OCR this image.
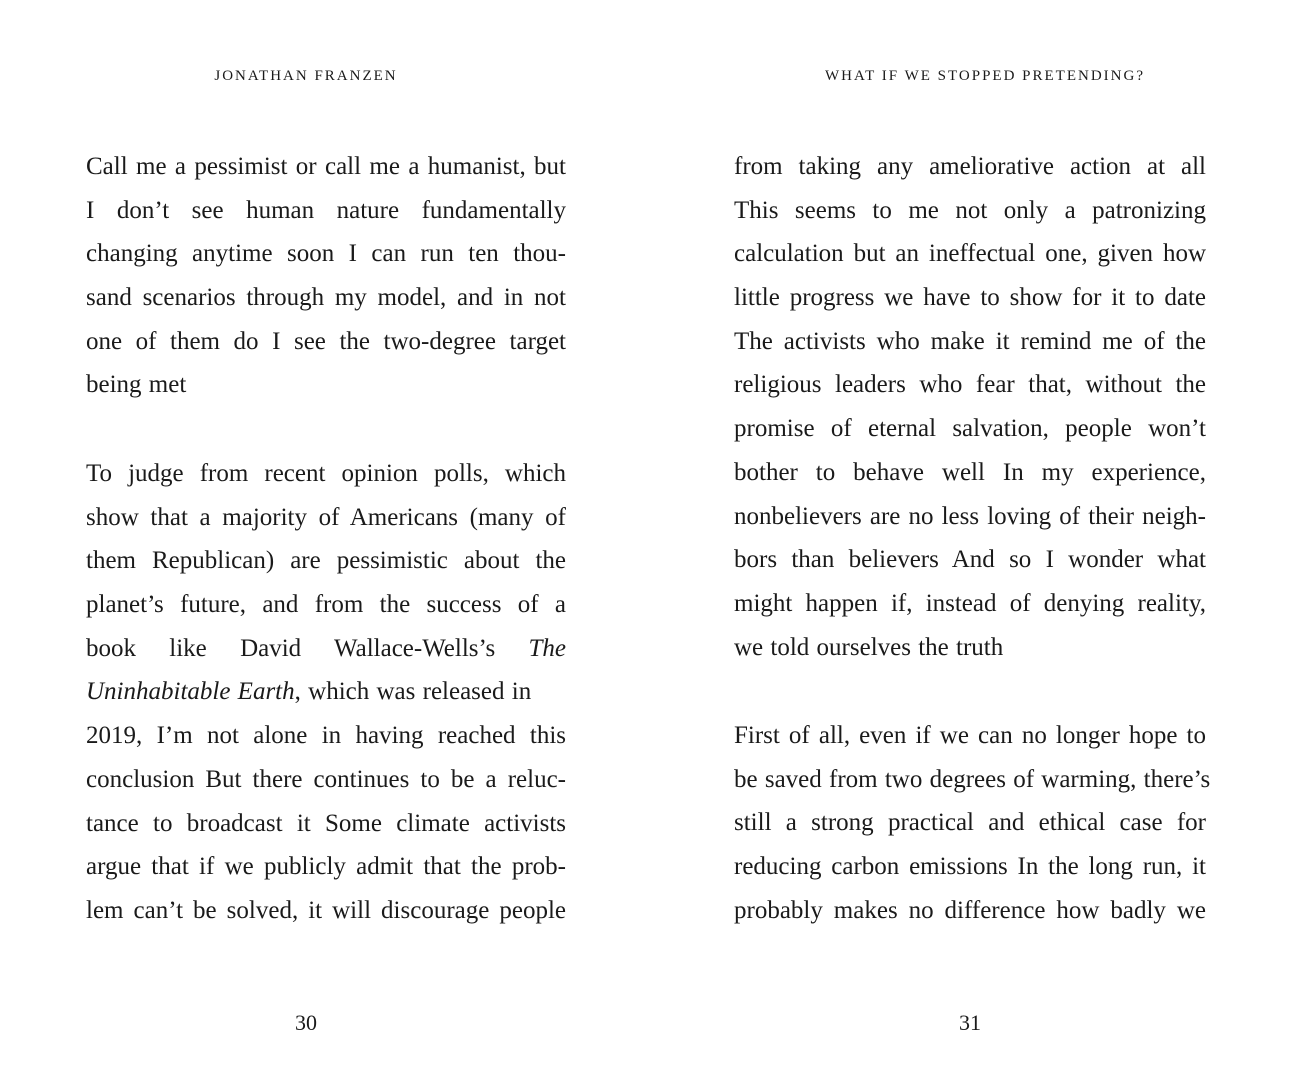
JONATHAN FRANZEN
Call me a pessimist or call me a humanist, but
I don’t see human nature fundamentally
changing anytime soon I can run ten thou-
sand scenarios through my model, and in not
one of them do I see the two-degree target
being met
To judge from recent opinion polls, which
show that a majority of Americans (many of
them Republican) are pessimistic about the
planet’s future, and from the success of a
book like David Wallace-Wells’s The
Uninhabitable Earth, which was released in
2019, I’m not alone in having reached this
conclusion But there continues to be a reluc-
tance to broadcast it Some climate activists
argue that if we publicly admit that the prob-
lem can’t be solved, it will discourage people
30
WHAT IF WE STOPPED PRETENDING?
from taking any ameliorative action at all
This seems to me not only a patronizing
calculation but an ineffectual one, given how
little progress we have to show for it to date
The activists who make it remind me of the
religious leaders who fear that, without the
promise of eternal salvation, people won’t
bother to behave well In my experience,
nonbelievers are no less loving of their neigh-
bors than believers And so I wonder what
might happen if, instead of denying reality,
we told ourselves the truth
First of all, even if we can no longer hope to
be saved from two degrees of warming, there’s
still a strong practical and ethical case for
reducing carbon emissions In the long run, it
probably makes no difference how badly we
31
